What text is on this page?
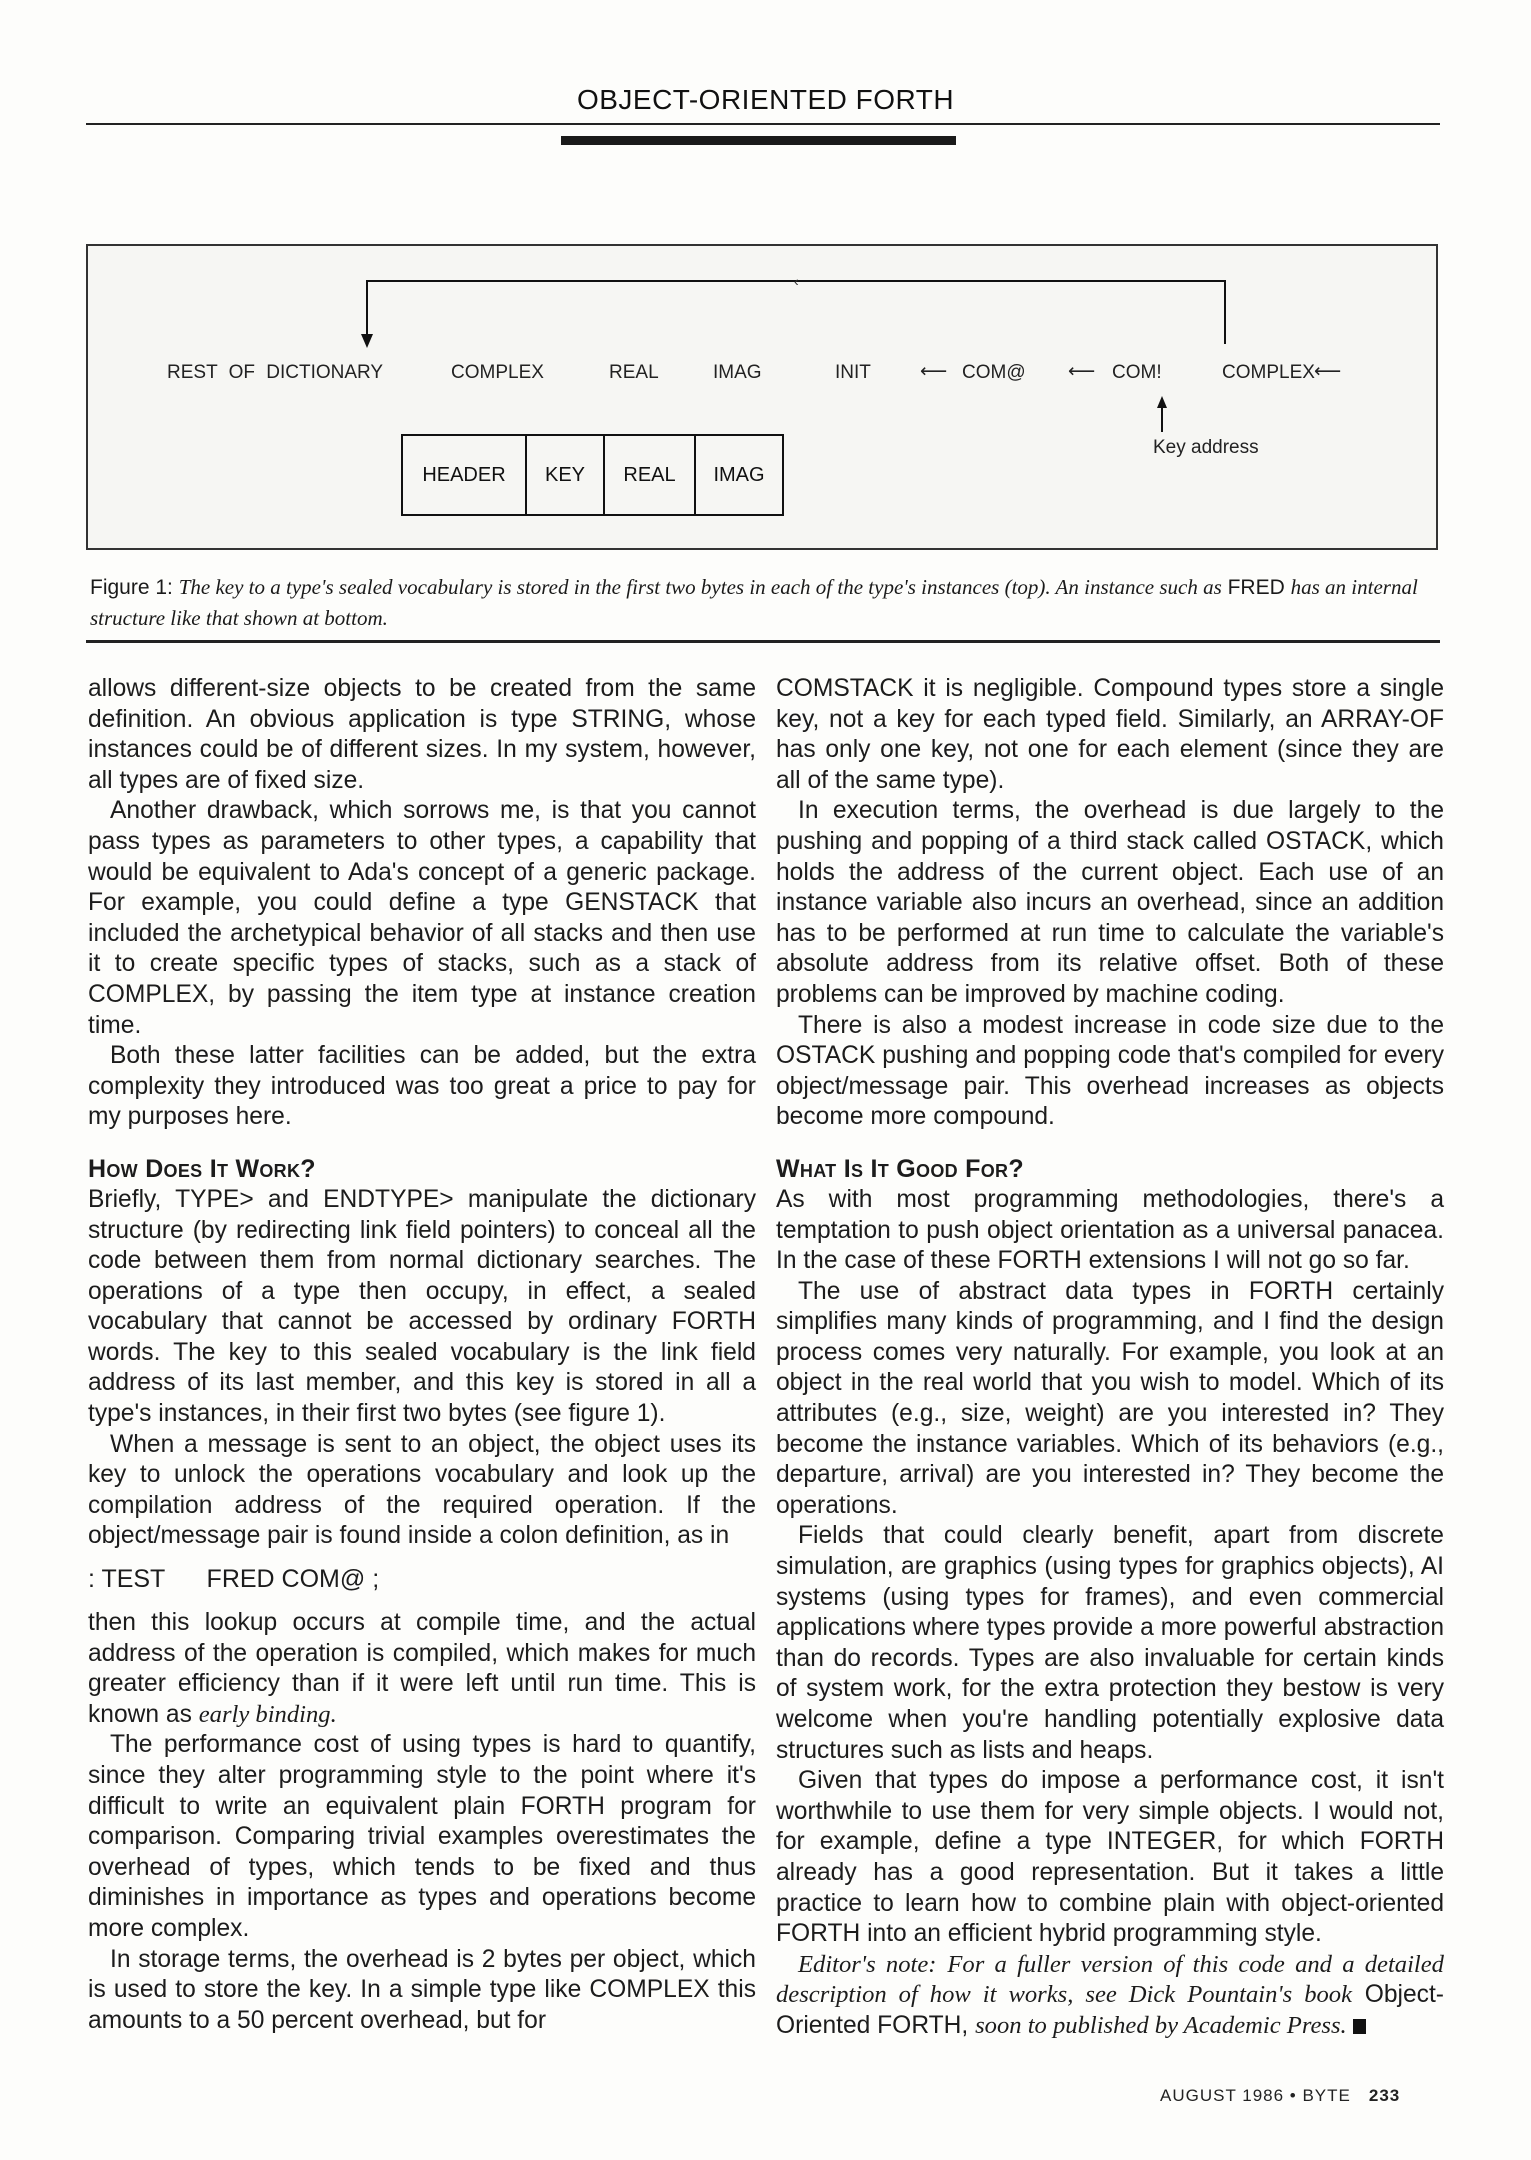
OBJECT-ORIENTED FORTH
‹
REST OF DICTIONARY	COMPLEX	REAL	IMAG	INIT	⟵ COM@ ⟵ COM!	COMPLEX ⟵
Key address
HEADER	KEY	REAL	IMAG
Figure 1: The key to a type's sealed vocabulary is stored in the first two bytes in each of the type's instances (top). An instance such as FRED has an internal structure like that shown at bottom.

allows different-size objects to be created from the same definition. An obvious application is type STRING, whose instances could be of different sizes. In my system, however, all types are of fixed size.

Another drawback, which sorrows me, is that you cannot pass types as parameters to other types, a capability that would be equivalent to Ada's concept of a generic package. For example, you could define a type GENSTACK that included the archetypical behavior of all stacks and then use it to create specific types of stacks, such as a stack of COMPLEX, by passing the item type at instance creation time.

Both these latter facilities can be added, but the extra complexity they introduced was too great a price to pay for my purposes here.

How Does It Work?

Briefly, TYPE> and ENDTYPE> manipulate the dictionary structure (by redirecting link field pointers) to conceal all the code between them from normal dictionary searches. The operations of a type then occupy, in effect, a sealed vocabulary that cannot be accessed by ordinary FORTH words. The key to this sealed vocabulary is the link field address of its last member, and this key is stored in all a type's instances, in their first two bytes (see figure 1).

When a message is sent to an object, the object uses its key to unlock the operations vocabulary and look up the compilation address of the required operation. If the object/message pair is found inside a colon definition, as in

: TEST      FRED COM@ ;

then this lookup occurs at compile time, and the actual address of the operation is compiled, which makes for much greater efficiency than if it were left until run time. This is known as early binding.

The performance cost of using types is hard to quantify, since they alter programming style to the point where it's difficult to write an equivalent plain FORTH program for comparison. Comparing trivial examples overestimates the overhead of types, which tends to be fixed and thus diminishes in importance as types and operations become more complex.

In storage terms, the overhead is 2 bytes per object, which is used to store the key. In a simple type like COMPLEX this amounts to a 50 percent overhead, but for

COMSTACK it is negligible. Compound types store a single key, not a key for each typed field. Similarly, an ARRAY-OF has only one key, not one for each element (since they are all of the same type).

In execution terms, the overhead is due largely to the pushing and popping of a third stack called OSTACK, which holds the address of the current object. Each use of an instance variable also incurs an overhead, since an addition has to be performed at run time to calculate the variable's absolute address from its relative offset. Both of these problems can be improved by machine coding.

There is also a modest increase in code size due to the OSTACK pushing and popping code that's compiled for every object/message pair. This overhead increases as objects become more compound.

What Is It Good For?

As with most programming methodologies, there's a temptation to push object orientation as a universal panacea. In the case of these FORTH extensions I will not go so far.

The use of abstract data types in FORTH certainly simplifies many kinds of programming, and I find the design process comes very naturally. For example, you look at an object in the real world that you wish to model. Which of its attributes (e.g., size, weight) are you interested in? They become the instance variables. Which of its behaviors (e.g., departure, arrival) are you interested in? They become the operations.

Fields that could clearly benefit, apart from discrete simulation, are graphics (using types for graphics objects), AI systems (using types for frames), and even commercial applications where types provide a more powerful abstraction than do records. Types are also invaluable for certain kinds of system work, for the extra protection they bestow is very welcome when you're handling potentially explosive data structures such as lists and heaps.

Given that types do impose a performance cost, it isn't worthwhile to use them for very simple objects. I would not, for example, define a type INTEGER, for which FORTH already has a good representation. But it takes a little practice to learn how to combine plain with object-oriented FORTH into an efficient hybrid programming style.

Editor's note: For a fuller version of this code and a detailed description of how it works, see Dick Pountain's book Object-Oriented FORTH, soon to published by Academic Press.

AUGUST 1986 • BYTE 233
